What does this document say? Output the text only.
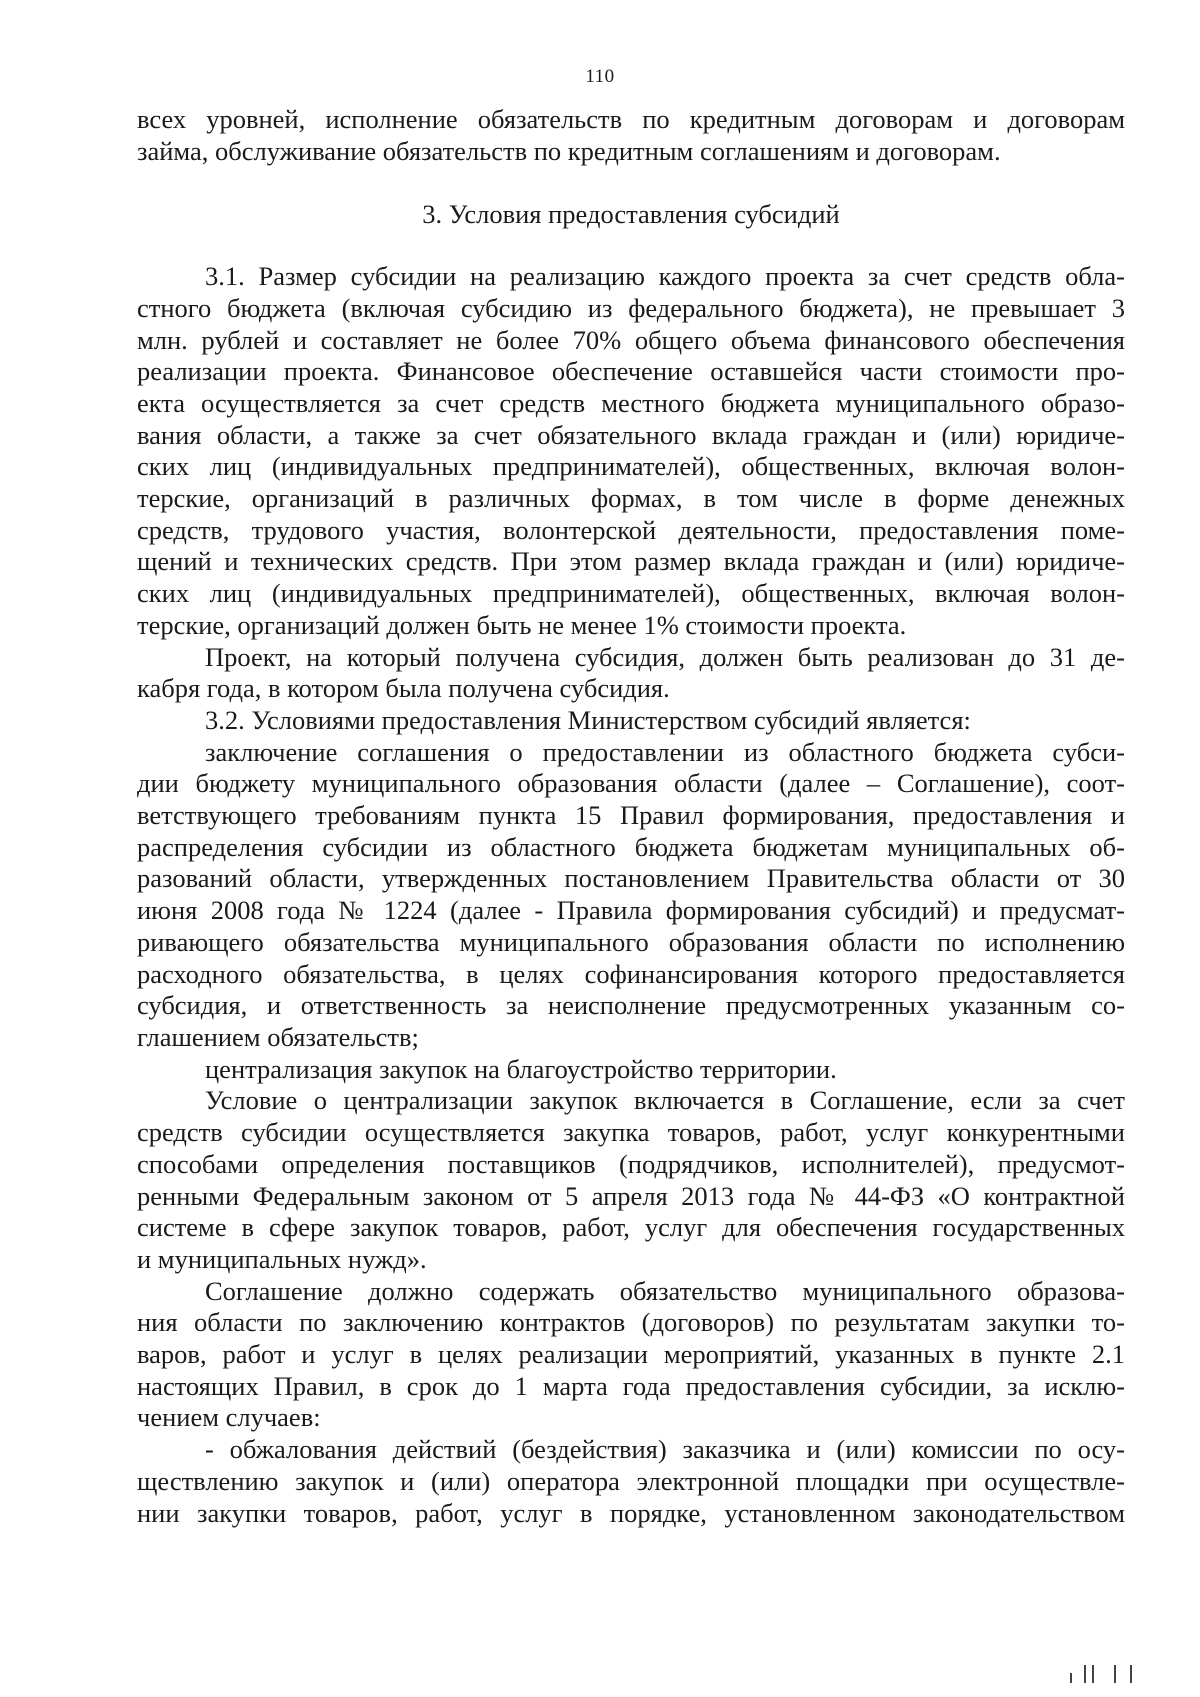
110
всех уровней, исполнение обязательств по кредитным договорам и договорам
займа, обслуживание обязательств по кредитным соглашениям и договорам.
3. Условия предоставления субсидий
3.1. Размер субсидии на реализацию каждого проекта за счет средств обла-
стного бюджета (включая субсидию из федерального бюджета), не превышает 3
млн. рублей и составляет не более 70% общего объема финансового обеспечения
реализации проекта. Финансовое обеспечение оставшейся части стоимости про-
екта осуществляется за счет средств местного бюджета муниципального образо-
вания области, а также за счет обязательного вклада граждан и (или) юридиче-
ских лиц (индивидуальных предпринимателей), общественных, включая волон-
терские, организаций в различных формах, в том числе в форме денежных
средств, трудового участия, волонтерской деятельности, предоставления поме-
щений и технических средств. При этом размер вклада граждан и (или) юридиче-
ских лиц (индивидуальных предпринимателей), общественных, включая волон-
терские, организаций должен быть не менее 1% стоимости проекта.
Проект, на который получена субсидия, должен быть реализован до 31 де-
кабря года, в котором была получена субсидия.
3.2. Условиями предоставления Министерством субсидий является:
заключение соглашения о предоставлении из областного бюджета субси-
дии бюджету муниципального образования области (далее – Соглашение), соот-
ветствующего требованиям пункта 15 Правил формирования, предоставления и
распределения субсидии из областного бюджета бюджетам муниципальных об-
разований области, утвержденных постановлением Правительства области от 30
июня 2008 года № 1224 (далее - Правила формирования субсидий) и предусмат-
ривающего обязательства муниципального образования области по исполнению
расходного обязательства, в целях софинансирования которого предоставляется
субсидия, и ответственность за неисполнение предусмотренных указанным со-
глашением обязательств;
централизация закупок на благоустройство территории.
Условие о централизации закупок включается в Соглашение, если за счет
средств субсидии осуществляется закупка товаров, работ, услуг конкурентными
способами определения поставщиков (подрядчиков, исполнителей), предусмот-
ренными Федеральным законом от 5 апреля 2013 года № 44-ФЗ «О контрактной
системе в сфере закупок товаров, работ, услуг для обеспечения государственных
и муниципальных нужд».
Соглашение должно содержать обязательство муниципального образова-
ния области по заключению контрактов (договоров) по результатам закупки то-
варов, работ и услуг в целях реализации мероприятий, указанных в пункте 2.1
настоящих Правил, в срок до 1 марта года предоставления субсидии, за исклю-
чением случаев:
- обжалования действий (бездействия) заказчика и (или) комиссии по осу-
ществлению закупок и (или) оператора электронной площадки при осуществле-
нии закупки товаров, работ, услуг в порядке, установленном законодательством
